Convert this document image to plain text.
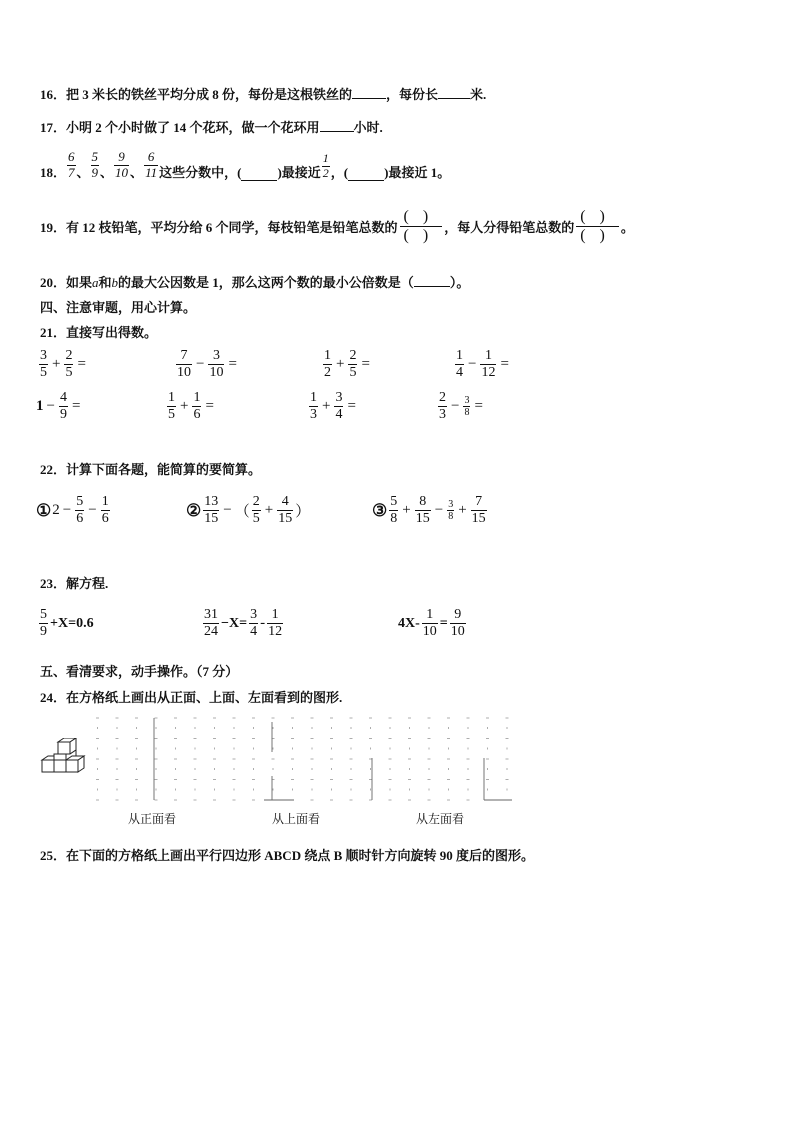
16．把 3 米长的铁丝平均分成 8 份，每份是这根铁丝的	，每份长 米.
17．小明 2 个小时做了 14 个花环，做一个花环用	小时.
18． $\frac{6}{7}$ 、 $\frac{5}{9}$ 、 $\frac{9}{10}$ 、 $\frac{6}{11}$ 这些分数中，(	)最接近 $\frac{1}{2}$ ，(	)最接近 1。
19． 有 12 枝铅笔，平均分给 6 个同学，每枝铅笔是铅笔总数的
()
() ，每人分得铅笔总数的
()
() 。
20．如果a和b的最大公因数是 1，那么这两个数的最小公倍数是（	）。
四、注意审题，用心计算。
21．直接写出得数。
$\frac{3}{5} + \frac{2}{5}$ =	$\frac{7}{10} - \frac{3}{10}$ =	$\frac{1}{2} + \frac{2}{5}$ =	$\frac{1}{4} - \frac{1}{12}$ =
$1 - \frac{4}{9}$ =	$\frac{1}{5} + \frac{1}{6}$ =	$\frac{1}{3} + \frac{3}{4}$ =	$\frac{2}{3} - \frac{3}{8}$ =
22．计算下面各题，能简算的要简算。
① $2 - \frac{5}{6} - \frac{1}{6}$	② $\frac{13}{15}$ − （ $\frac{2}{5} + \frac{4}{15}$ ）	③ $\frac{5}{8} + \frac{8}{15} - \frac{3}{8} + \frac{7}{15}$
23．解方程.
$\frac{5}{9} +X=0.6$	$\frac{31}{24} -X= \frac{3}{4} - \frac{1}{12}$	$4X- \frac{1}{10} = \frac{9}{10}$
五、看清要求，动手操作。（7 分）
24．在方格纸上画出从正面、上面、左面看到的图形.
从正面看	从上面看	从左面看
25．在下面的方格纸上画出平行四边形 ABCD 绕点 B 顺时针方向旋转 90 度后的图形。
